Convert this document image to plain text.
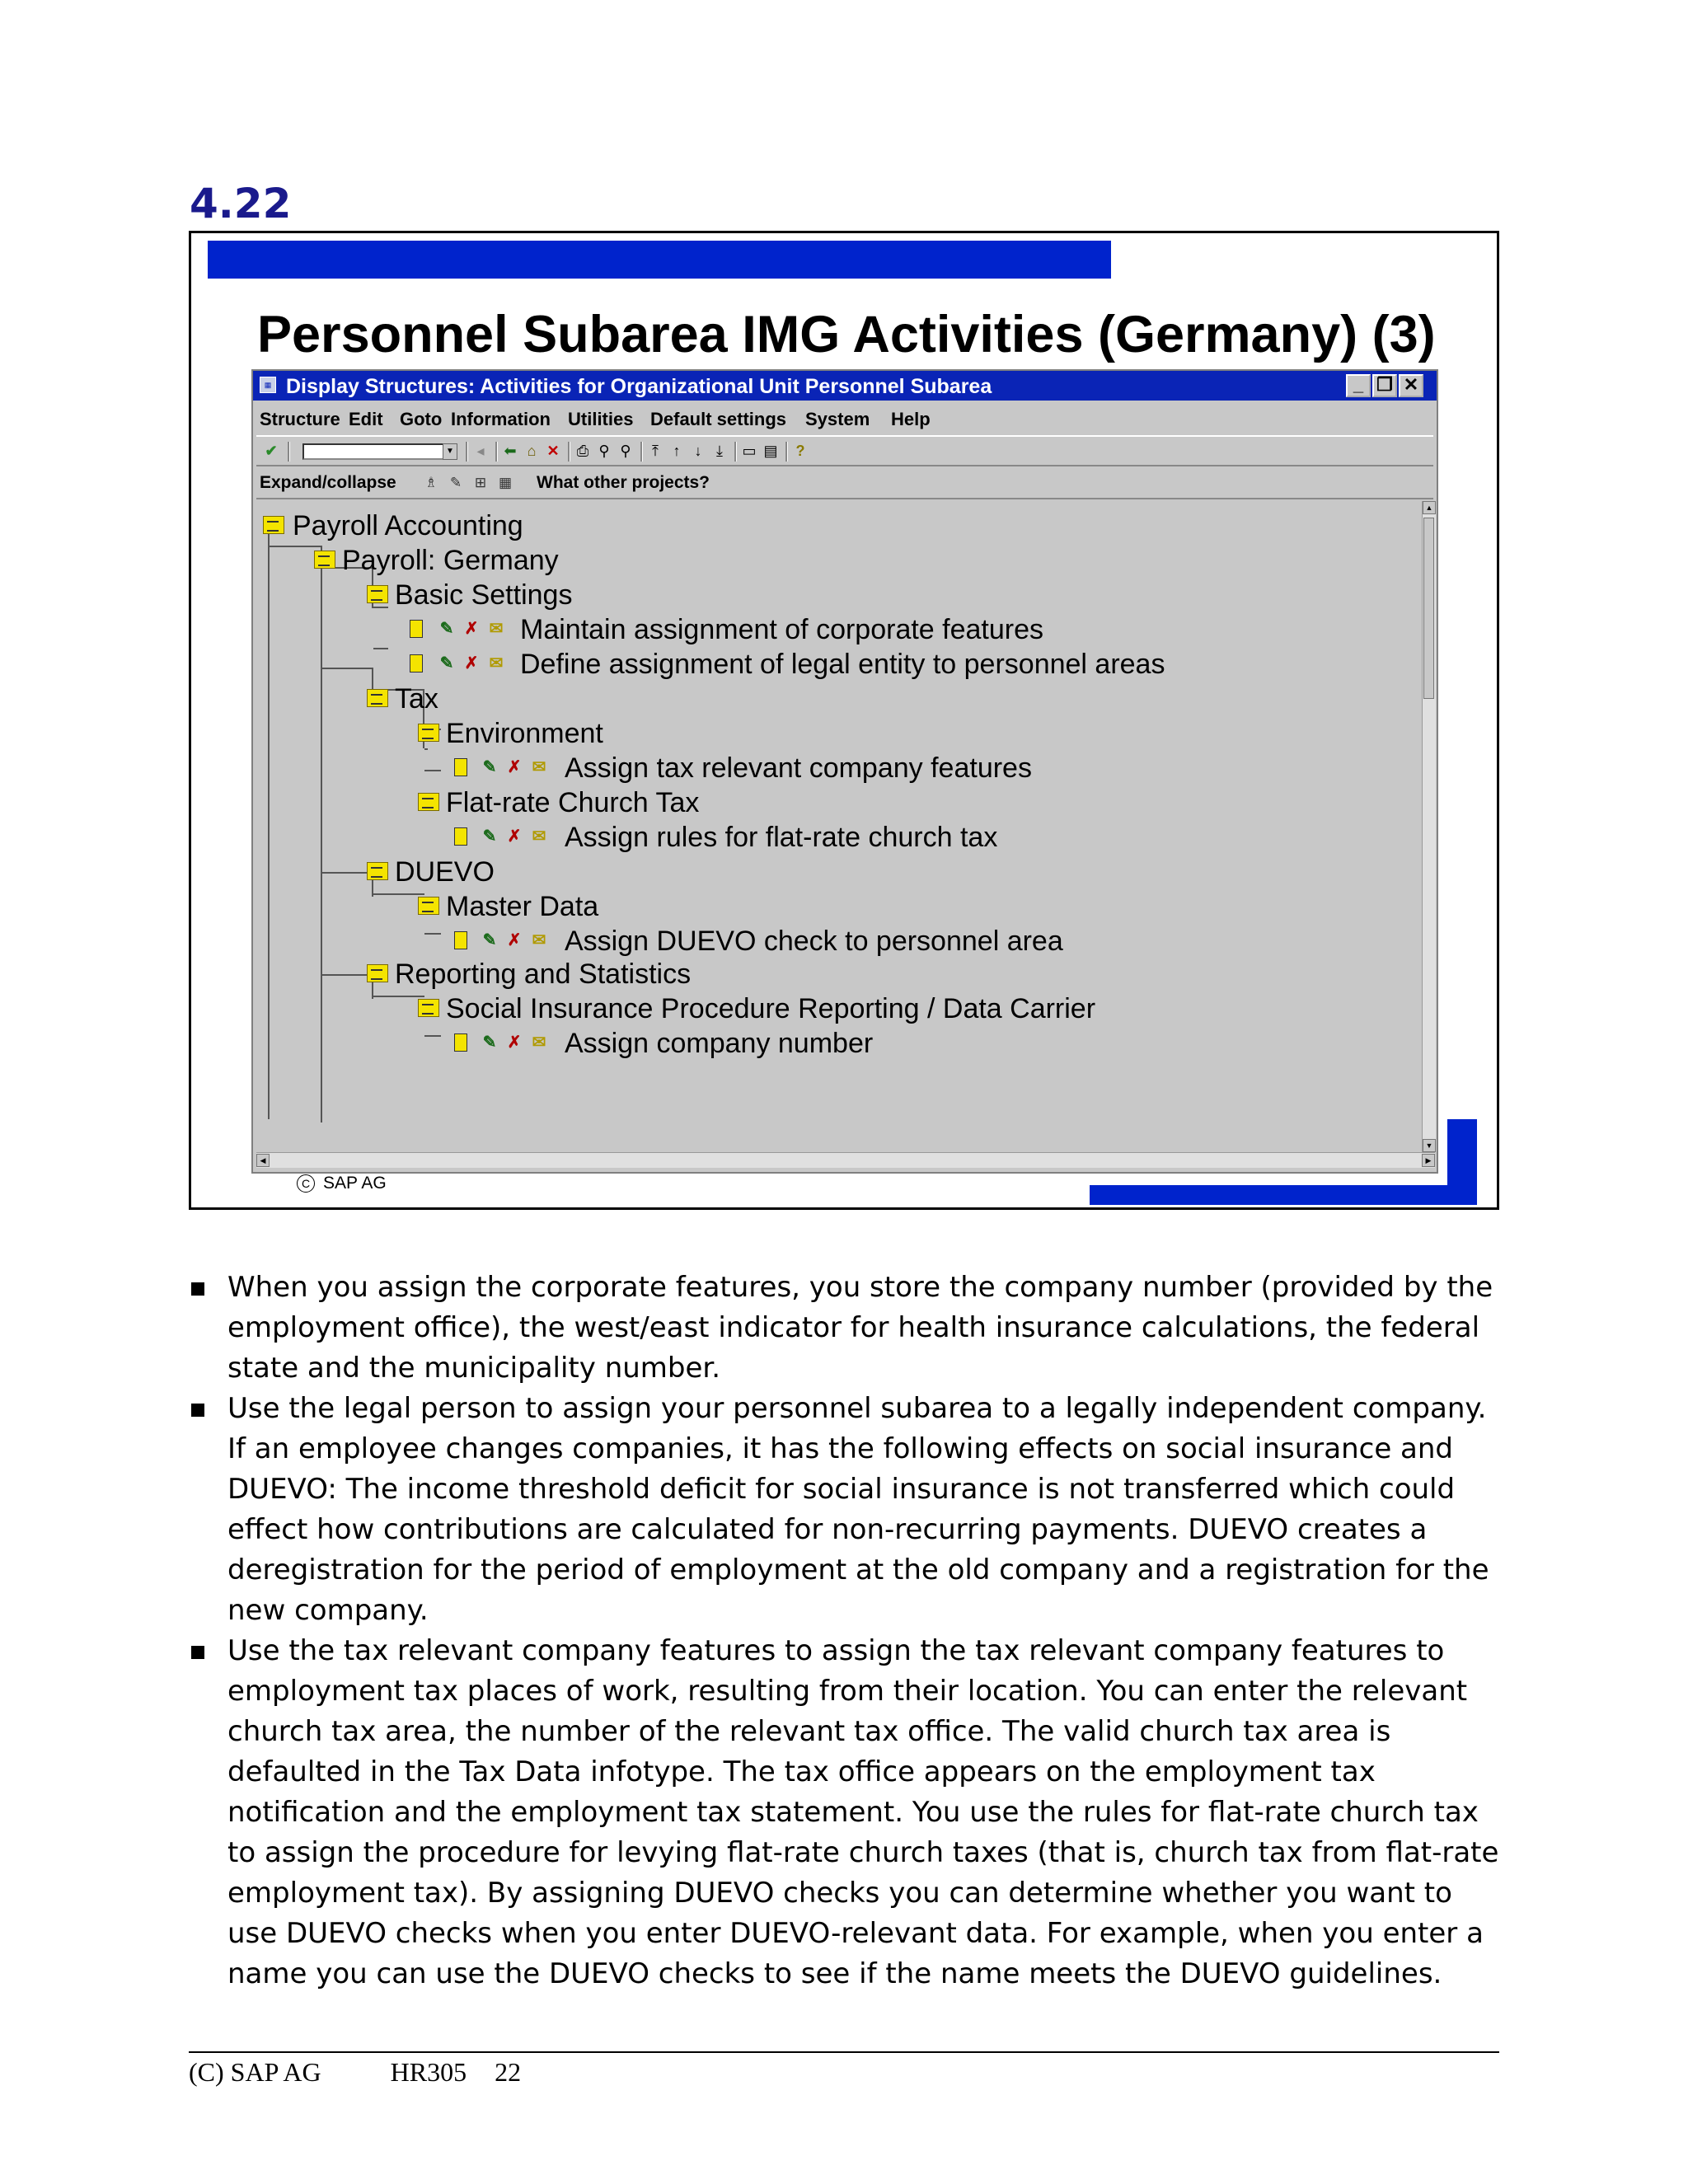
4.22
Personnel Subarea IMG Activities (Germany) (3)
▦ Display Structures: Activities for Organizational Unit Personnel Subarea	_ ❐ ✕
Structure Edit Goto Information Utilities Default settings System Help
✔	▼	◂	⬅ ⌂ ✕ ⎙ ⚲ ⚲	⤒ ↑ ↓ ⤓	▭ ▤ ?
Expand/collapse ♗ ✎ ⊞ ▦ What other projects?
Payroll Accounting
Payroll: Germany
Basic Settings
✎ ✗ ✉ Maintain assignment of corporate features
✎ ✗ ✉ Define assignment of legal entity to personnel areas
Tax
Environment
✎ ✗ ✉ Assign tax relevant company features
Flat-rate Church Tax
✎ ✗ ✉ Assign rules for flat-rate church tax
DUEVO
Master Data
✎ ✗ ✉ Assign DUEVO check to personnel area
Reporting and Statistics
Social Insurance Procedure Reporting / Data Carrier
✎ ✗ ✉ Assign company number
▲
▼
◀	▶
C SAP AG

When you assign the corporate features, you store the company number (provided by the employment office), the west/east indicator for health insurance calculations, the federal state and the municipality number.

Use the legal person to assign your personnel subarea to a legally independent company. If an employee changes companies, it has the following effects on social insurance and DUEVO: The income threshold deficit for social insurance is not transferred which could effect how contributions are calculated for non-recurring payments. DUEVO creates a deregistration for the period of employment at the old company and a registration for the new company.

Use the tax relevant company features to assign the tax relevant company features to employment tax places of work, resulting from their location. You can enter the relevant church tax area, the number of the relevant tax office. The valid church tax area is defaulted in the Tax Data infotype. The tax office appears on the employment tax notification and the employment tax statement. You use the rules for flat-rate church tax to assign the procedure for levying flat-rate church taxes (that is, church tax from flat-rate employment tax). By assigning DUEVO checks you can determine whether you want to use DUEVO checks when you enter DUEVO-relevant data. For example, when you enter a name you can use the DUEVO checks to see if the name meets the DUEVO guidelines.

(C) SAP AG	HR305 22
